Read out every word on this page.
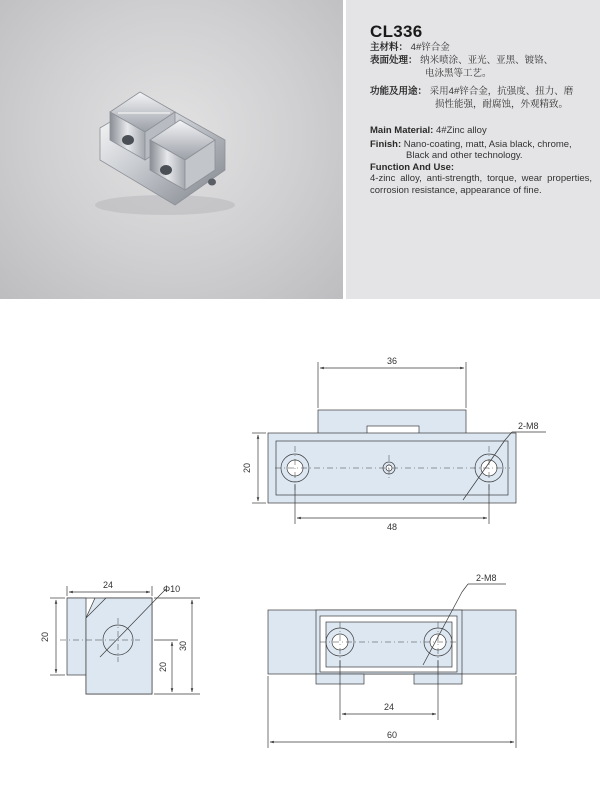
CL336
主材料： 4#锌合金
表面处理： 纳米喷涂、亚光、亚黑、镀铬、
电泳黑等工艺。
功能及用途： 采用4#锌合金，抗强度、扭力、磨
损性能强，耐腐蚀，外观精致。
Main Material: 4#Zinc alloy
Finish: Nano-coating, matt, Asia black, chrome,
Black and other technology.
Function And Use:
4-zinc alloy, anti-strength, torque, wear properties, corrosion resistance, appearance of fine.
36
20
2-M8
48
24	Φ10
20
20
30
2-M8
24
60
